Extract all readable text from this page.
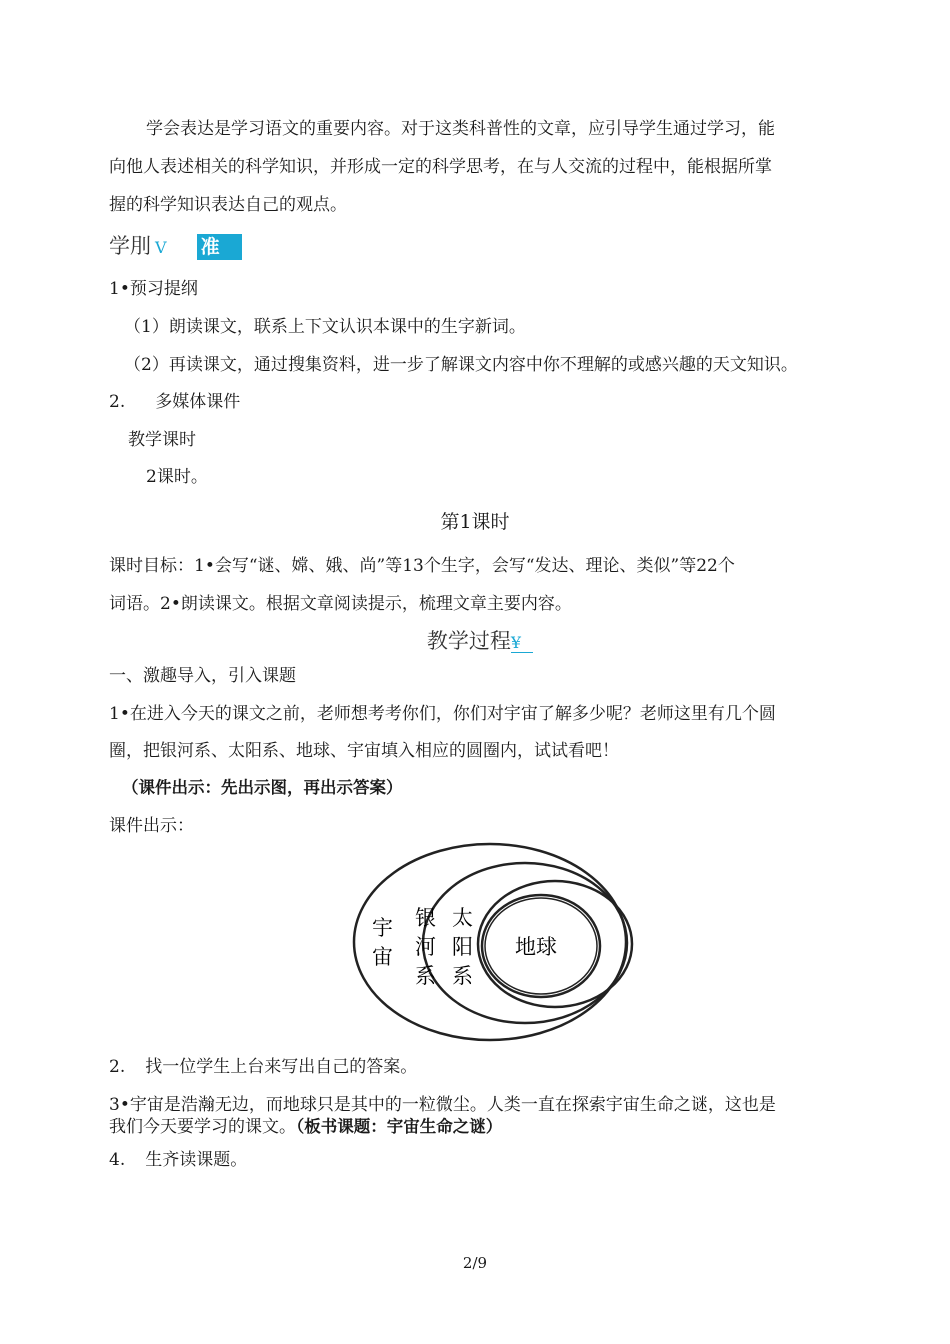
学会表达是学习语文的重要内容。对于这类科普性的文章，应引导学生通过学习，能
向他人表述相关的科学知识，并形成一定的科学思考，在与人交流的过程中，能根据所掌
握的科学知识表达自己的观点。
学刖 V 准
1•预习提纲
（1）朗读课文，联系上下文认识本课中的生字新词。
（2）再读课文，通过搜集资料，进一步了解课文内容中你不理解的或感兴趣的天文知识。
2. 多媒体课件
教学课时
2课时。
第1课时
课时目标：1•会写“谜、嫦、娥、尚”等13个生字，会写“发达、理论、类似”等22个
词语。2•朗读课文。根据文章阅读提示，梳理文章主要内容。
教学过程¥
一、激趣导入，引入课题
1•在进入今天的课文之前，老师想考考你们，你们对宇宙了解多少呢？老师这里有几个圆
圈，把银河系、太阳系、地球、宇宙填入相应的圆圈内，试试看吧！
（课件出示：先出示图，再出示答案）
课件出示：
宇
宙
银
河
系
太
阳
系
地球
2. 找一位学生上台来写出自己的答案。
3•宇宙是浩瀚无边，而地球只是其中的一粒微尘。人类一直在探索宇宙生命之谜，这也是
我们今天要学习的课文。（板书课题：宇宙生命之谜）
4. 生齐读课题。
2/9
